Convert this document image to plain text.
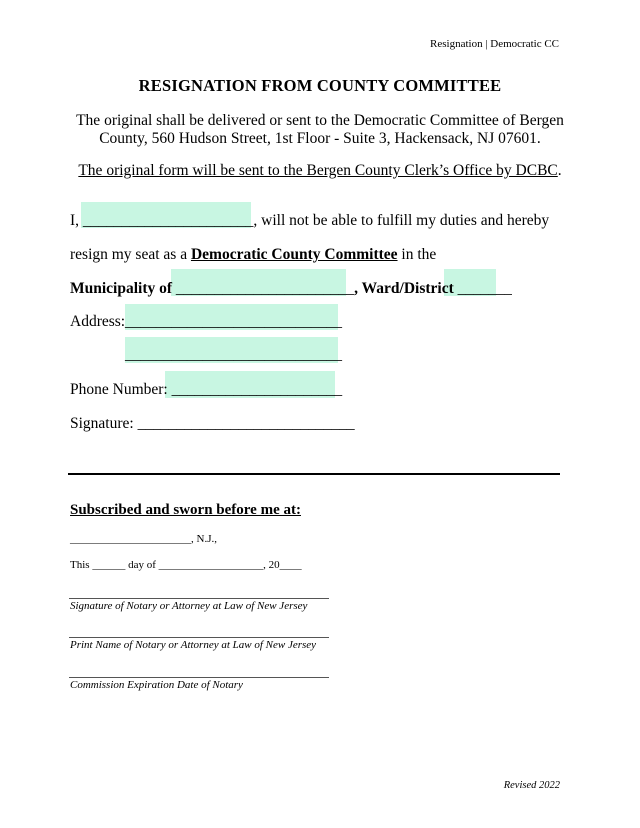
Resignation | Democratic CC
RESIGNATION FROM COUNTY COMMITTEE
The original shall be delivered or sent to the Democratic Committee of Bergen County, 560 Hudson Street, 1st Floor - Suite 3, Hackensack, NJ 07601.
The original form will be sent to the Bergen County Clerk’s Office by DCBC.
I, ______________________, will not be able to fulfill my duties and hereby
resign my seat as a Democratic County Committee in the
Municipality of _______________________, Ward/District _______
Address: ____________________________
____________________________
Phone Number: ______________________
Signature: ____________________________
Subscribed and sworn before me at:
______________________, N.J.,
This ______ day of ___________________, 20____
Signature of Notary or Attorney at Law of New Jersey
Print Name of Notary or Attorney at Law of New Jersey
Commission Expiration Date of Notary
Revised 2022
